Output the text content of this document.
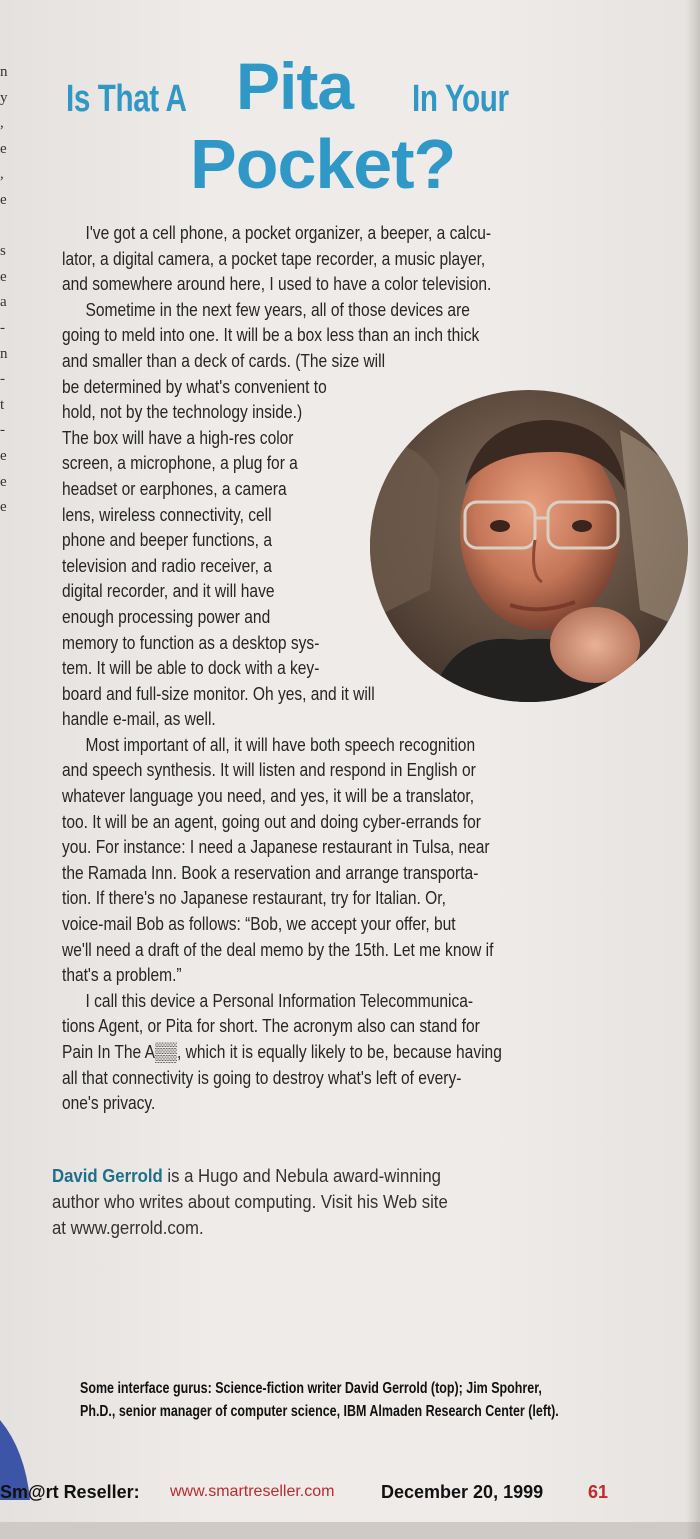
n
y
,
e
,
e
s
e
a
-
n
-
t
-
e
e
e
Is That A Pita In Your
Pocket?
I've got a cell phone, a pocket organizer, a beeper, a calcu-
lator, a digital camera, a pocket tape recorder, a music player,
and somewhere around here, I used to have a color television.
Sometime in the next few years, all of those devices are
going to meld into one. It will be a box less than an inch thick
and smaller than a deck of cards. (The size will
be determined by what's convenient to
hold, not by the technology inside.)
The box will have a high-res color
screen, a microphone, a plug for a
headset or earphones, a camera
lens, wireless connectivity, cell
phone and beeper functions, a
television and radio receiver, a
digital recorder, and it will have
enough processing power and
memory to function as a desktop sys-
tem. It will be able to dock with a key-
board and full-size monitor. Oh yes, and it will
handle e-mail, as well.
Most important of all, it will have both speech recognition
and speech synthesis. It will listen and respond in English or
whatever language you need, and yes, it will be a translator,
too. It will be an agent, going out and doing cyber-errands for
you. For instance: I need a Japanese restaurant in Tulsa, near
the Ramada Inn. Book a reservation and arrange transporta-
tion. If there's no Japanese restaurant, try for Italian. Or,
voice-mail Bob as follows: “Bob, we accept your offer, but
we'll need a draft of the deal memo by the 15th. Let me know if
that's a problem.”
I call this device a Personal Information Telecommunica-
tions Agent, or Pita for short. The acronym also can stand for
Pain In The A▒▒, which it is equally likely to be, because having
all that connectivity is going to destroy what's left of every-
one's privacy.
David Gerrold is a Hugo and Nebula award-winning
author who writes about computing. Visit his Web site
at www.gerrold.com.
Some interface gurus: Science-fiction writer David Gerrold (top); Jim Spohrer,
Ph.D., senior manager of computer science, IBM Almaden Research Center (left).
Sm@rt Reseller: www.smartreseller.com	December 20, 1999 61
